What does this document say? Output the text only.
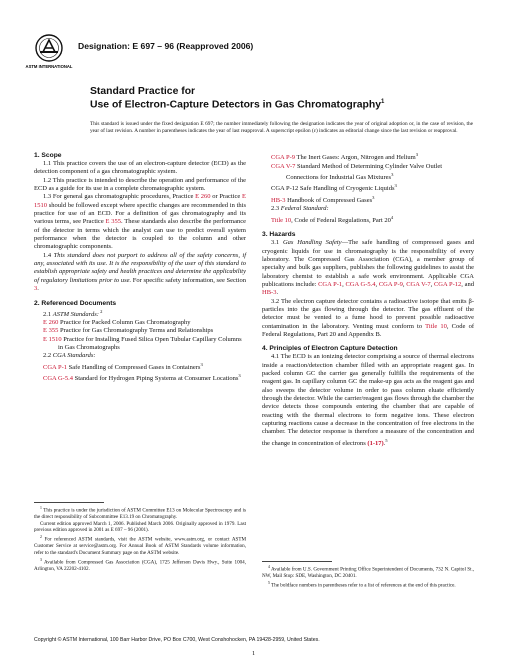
ASTM INTERNATIONAL
Designation: E 697 – 96 (Reapproved 2006)
Standard Practice for
Use of Electron-Capture Detectors in Gas Chromatography$^1$

This standard is issued under the fixed designation E 697; the number immediately following the designation indicates the year of original adoption or, in the case of revision, the year of last revision. A number in parentheses indicates the year of last reapproval. A superscript epsilon (ε) indicates an editorial change since the last revision or reapproval.

1. Scope

1.1 This practice covers the use of an electron-capture detector (ECD) as the detection component of a gas chromatographic system.

1.2 This practice is intended to describe the operation and performance of the ECD as a guide for its use in a complete chromatographic system.

1.3 For general gas chromatographic procedures, Practice E 260 or Practice E 1510 should be followed except where specific changes are recommended in this practice for use of an ECD. For a definition of gas chromatography and its various terms, see Practice E 355. These standards also describe the performance of the detector in terms which the analyst can use to predict overall system performance when the detector is coupled to the column and other chromatographic components.

1.4 This standard does not purport to address all of the safety concerns, if any, associated with its use. It is the responsibility of the user of this standard to establish appropriate safety and health practices and determine the applicability of regulatory limitations prior to use. For specific safety information, see Section 3.

2. Referenced Documents

2.1 ASTM Standards: $^2$

E 260 Practice for Packed Column Gas Chromatography

E 355 Practice for Gas Chromatography Terms and Relationships

E 1510 Practice for Installing Fused Silica Open Tubular Capillary Columns in Gas Chromatographs

2.2 CGA Standards:

CGA P-1 Safe Handling of Compressed Gases in Containers$^3$

CGA G-5.4 Standard for Hydrogen Piping Systems at Consumer Locations$^3$

CGA P-9 The Inert Gases: Argon, Nitrogen and Helium$^3$

CGA V-7 Standard Method of Determining Cylinder Valve Outlet Connections for Industrial Gas Mixtures$^3$

CGA P-12 Safe Handling of Cryogenic Liquids$^3$

HB-3 Handbook of Compressed Gases$^3$

2.3 Federal Standard:

Title 10, Code of Federal Regulations, Part $20^4$

3. Hazards

3.1 Gas Handling Safety—The safe handling of compressed gases and cryogenic liquids for use in chromatography is the responsibility of every laboratory. The Compressed Gas Association (CGA), a member group of specialty and bulk gas suppliers, publishes the following guidelines to assist the laboratory chemist to establish a safe work environment. Applicable CGA publications include: CGA P-1, CGA G-5.4, CGA P-9, CGA V-7, CGA P-12, and HB-3.

3.2 The electron capture detector contains a radioactive isotope that emits β-particles into the gas flowing through the detector. The gas effluent of the detector must be vented to a fume hood to prevent possible radioactive contamination in the laboratory. Venting must conform to Title 10, Code of Federal Regulations, Part 20 and Appendix B.

4. Principles of Electron Capture Detection

4.1 The ECD is an ionizing detector comprising a source of thermal electrons inside a reaction/detection chamber filled with an appropriate reagent gas. In packed column GC the carrier gas generally fulfills the requirements of the reagent gas. In capillary column GC the make-up gas acts as the reagent gas and also sweeps the detector volume in order to pass column eluate efficiently through the detector. While the carrier/reagent gas flows through the chamber the device detects those compounds entering the chamber that are capable of reacting with the thermal electrons to form negative ions. These electron capturing reactions cause a decrease in the concentration of free electrons in the chamber. The detector response is therefore a measure of the concentration and the change in concentration of electrons (1-17).$^5$

$^1$ This practice is under the jurisdiction of ASTM Committee E13 on Molecular Spectroscopy and is the direct responsibility of Subcommittee E13.19 on Chromatography.

Current edition approved March 1, 2006. Published March 2006. Originally approved in 1979. Last previous edition approved in 2001 as E 697 – 96 (2001).

$^2$ For referenced ASTM standards, visit the ASTM website, www.astm.org, or contact ASTM Customer Service at service@astm.org. For Annual Book of ASTM Standards volume information, refer to the standard's Document Summary page on the ASTM website.

$^3$ Available from Compressed Gas Association (CGA), 1725 Jefferson Davis Hwy., Suite 1004, Arlington, VA 22202-4102.	$^4$ Available from U.S. Government Printing Office Superintendent of Documents, 732 N. Capitol St., NW, Mail Stop: SDE, Washington, DC 20401.

$^5$ The boldface numbers in parentheses refer to a list of references at the end of this practice.

Copyright © ASTM International, 100 Barr Harbor Drive, PO Box C700, West Conshohocken, PA 19428-2959, United States.
1
